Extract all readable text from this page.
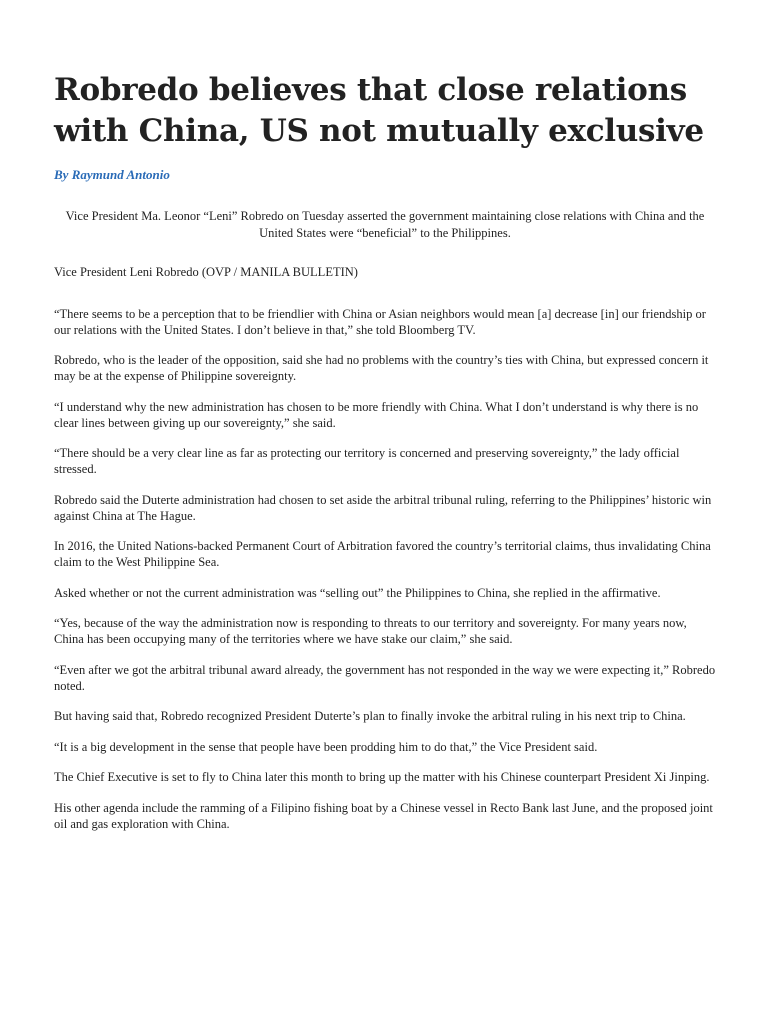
Robredo believes that close relations with China, US not mutually exclusive
By Raymund Antonio
Vice President Ma. Leonor “Leni” Robredo on Tuesday asserted the government maintaining close relations with China and the United States were “beneficial” to the Philippines.
Vice President Leni Robredo (OVP / MANILA BULLETIN)

“There seems to be a perception that to be friendlier with China or Asian neighbors would mean [a] decrease [in] our friendship or our relations with the United States. I don’t believe in that,” she told Bloomberg TV.

Robredo, who is the leader of the opposition, said she had no problems with the country’s ties with China, but expressed concern it may be at the expense of Philippine sovereignty.

“I understand why the new administration has chosen to be more friendly with China. What I don’t understand is why there is no clear lines between giving up our sovereignty,” she said.

“There should be a very clear line as far as protecting our territory is concerned and preserving sovereignty,” the lady official stressed.

Robredo said the Duterte administration had chosen to set aside the arbitral tribunal ruling, referring to the Philippines’ historic win against China at The Hague.

In 2016, the United Nations-backed Permanent Court of Arbitration favored the country’s territorial claims, thus invalidating China claim to the West Philippine Sea.

Asked whether or not the current administration was “selling out” the Philippines to China, she replied in the affirmative.

“Yes, because of the way the administration now is responding to threats to our territory and sovereignty. For many years now, China has been occupying many of the territories where we have stake our claim,” she said.

“Even after we got the arbitral tribunal award already, the government has not responded in the way we were expecting it,” Robredo noted.

But having said that, Robredo recognized President Duterte’s plan to finally invoke the arbitral ruling in his next trip to China.

“It is a big development in the sense that people have been prodding him to do that,” the Vice President said.

The Chief Executive is set to fly to China later this month to bring up the matter with his Chinese counterpart President Xi Jinping.

His other agenda include the ramming of a Filipino fishing boat by a Chinese vessel in Recto Bank last June, and the proposed joint oil and gas exploration with China.
